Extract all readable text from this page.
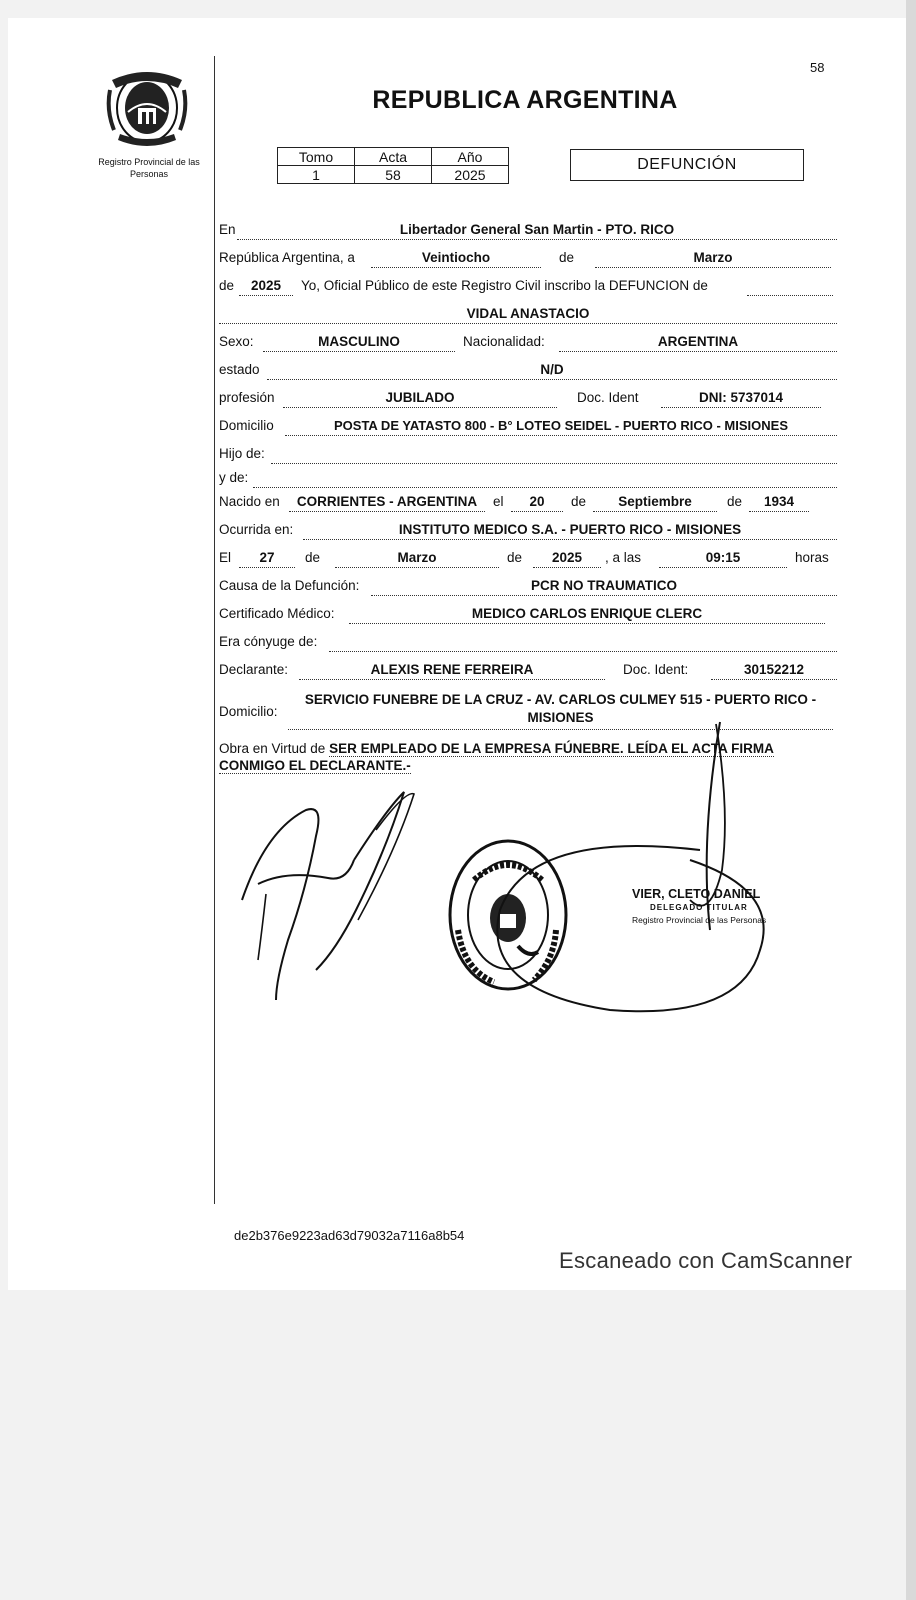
58
Registro Provincial de las Personas
REPUBLICA ARGENTINA
Tomo	Acta	Año
1	58	2025
DEFUNCIÓN
En	Libertador General San Martin - PTO. RICO
República Argentina, a	Veintiocho	de	Marzo
de	2025	Yo, Oficial Público de este Registro Civil inscribo la DEFUNCION de
VIDAL ANASTACIO
Sexo:	MASCULINO	Nacionalidad:	ARGENTINA
estado	N/D
profesión	JUBILADO	Doc. Ident	DNI: 5737014
Domicilio	POSTA DE YATASTO 800 - B° LOTEO SEIDEL - PUERTO RICO - MISIONES
Hijo de:
y de:
Nacido en	CORRIENTES - ARGENTINA	el	20	de	Septiembre	de	1934
Ocurrida en:	INSTITUTO MEDICO S.A. - PUERTO RICO - MISIONES
El	27	de	Marzo	de	2025	, a las	09:15	horas
Causa de la Defunción:	PCR NO TRAUMATICO
Certificado Médico:	MEDICO CARLOS ENRIQUE CLERC
Era cónyuge de:
Declarante:	ALEXIS RENE FERREIRA	Doc. Ident:	30152212
Domicilio:
SERVICIO FUNEBRE DE LA CRUZ - AV. CARLOS CULMEY 515 - PUERTO RICO - MISIONES
Obra en Virtud de SER EMPLEADO DE LA EMPRESA FÚNEBRE. LEÍDA EL ACTA FIRMA CONMIGO EL DECLARANTE.-
VIER, CLETO DANIEL
DELEGADO TITULAR
Registro Provincial de las Personas
de2b376e9223ad63d79032a7116a8b54
Escaneado con CamScanner
